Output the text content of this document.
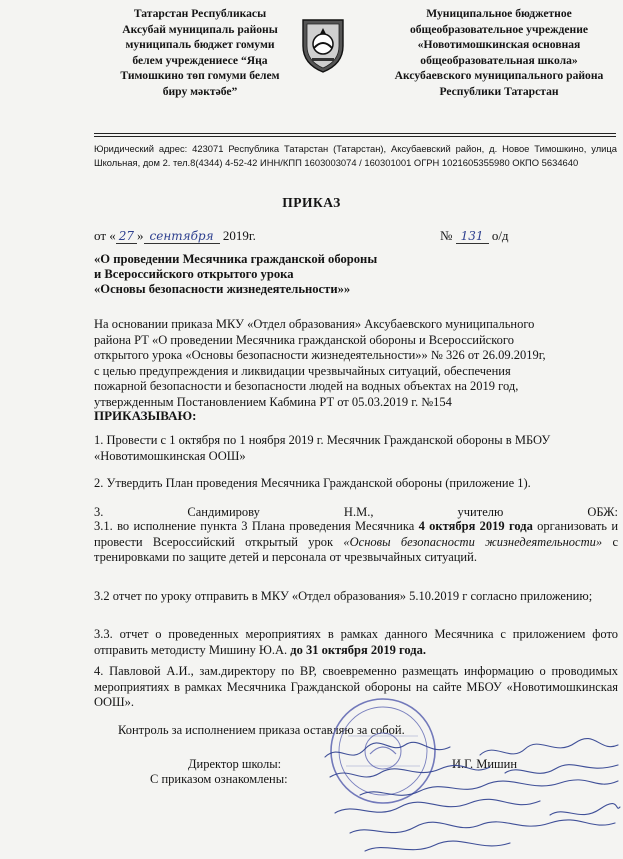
Татарстан Республикасы
Аксубай муниципаль районы
муниципаль бюджет гомуми
белем учреждениесе “Яңа
Тимошкино төп гомуми белем
биру мәктәбе”
Муниципальное бюджетное
общеобразовательное учреждение
«Новотимошкинская основная
общеобразовательная школа»
Аксубаевского муниципального района
Республики Татарстан
Юридический адрес: 423071 Республика Татарстан (Татарстан), Аксубаевский район, д. Новое Тимошкино, улица Школьная, дом 2. тел.8(4344) 4-52-42 ИНН/КПП 1603003074 / 160301001 ОГРН 1021605355980 ОКПО 5634640
ПРИКАЗ
от « 27 » сентября 2019г.	№ 131 о/д
«О проведении Месячника гражданской обороны
и Всероссийского открытого урока
«Основы безопасности жизнедеятельности»»
На основании приказа МКУ «Отдел образования» Аксубаевского муниципального
района РТ «О проведении Месячника гражданской обороны и Всероссийского
открытого урока «Основы безопасности жизнедеятельности»» № 326 от 26.09.2019г,
с целью предупреждения и ликвидации чрезвычайных ситуаций, обеспечения
пожарной безопасности и безопасности людей на водных объектах на 2019 год,
утвержденным Постановлением Кабмина РТ от 05.03.2019 г. №154
ПРИКАЗЫВАЮ:
1. Провести с 1 октября по 1 ноября 2019 г. Месячник Гражданской обороны в МБОУ «Новотимошкинская ООШ»
2. Утвердить План проведения Месячника Гражданской обороны (приложение 1).
3.	Сандимирову	Н.М.,	учителю	ОБЖ:
3.1. во исполнение пункта 3 Плана проведения Месячника 4 октября 2019 года организовать и провести Всероссийский открытый урок «Основы безопасности жизнедеятельности» с тренировками по защите детей и персонала от чрезвычайных ситуаций.
3.2 отчет по уроку отправить в МКУ «Отдел образования» 5.10.2019 г согласно приложению;
3.3. отчет о проведенных мероприятиях в рамках данного Месячника с приложением фото отправить методисту Мишину Ю.А. до 31 октября 2019 года.
4. Павловой А.И., зам.директору по ВР, своевременно размещать информацию о проводимых мероприятиях в рамках Месячника Гражданской обороны на сайте МБОУ «Новотимошкинская ООШ».
Контроль за исполнением приказа оставляю за собой.
Директор школы:	И.Г. Мишин
С приказом ознакомлены:
